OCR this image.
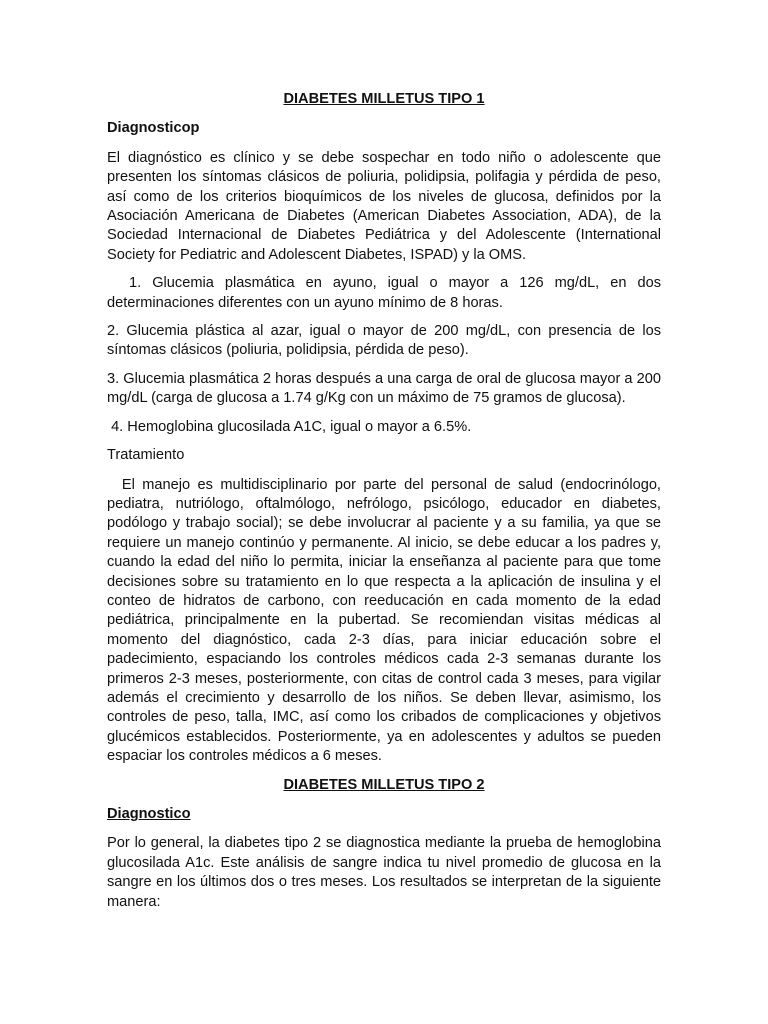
DIABETES MILLETUS TIPO 1
Diagnosticop
El diagnóstico es clínico y se debe sospechar en todo niño o adolescente que presenten los síntomas clásicos de poliuria, polidipsia, polifagia y pérdida de peso, así como de los criterios bioquímicos de los niveles de glucosa, definidos por la Asociación Americana de Diabetes (American Diabetes Association, ADA), de la Sociedad Internacional de Diabetes Pediátrica y del Adolescente (International Society for Pediatric and Adolescent Diabetes, ISPAD) y la OMS.
1. Glucemia plasmática en ayuno, igual o mayor a 126 mg/dL, en dos determinaciones diferentes con un ayuno mínimo de 8 horas.
2. Glucemia plástica al azar, igual o mayor de 200 mg/dL, con presencia de los síntomas clásicos (poliuria, polidipsia, pérdida de peso).
3. Glucemia plasmática 2 horas después a una carga de oral de glucosa mayor a 200 mg/dL (carga de glucosa a 1.74 g/Kg con un máximo de 75 gramos de glucosa).
4. Hemoglobina glucosilada A1C, igual o mayor a 6.5%.
Tratamiento
El manejo es multidisciplinario por parte del personal de salud (endocrinólogo, pediatra, nutriólogo, oftalmólogo, nefrólogo, psicólogo, educador en diabetes, podólogo y trabajo social); se debe involucrar al paciente y a su familia, ya que se requiere un manejo continúo y permanente. Al inicio, se debe educar a los padres y, cuando la edad del niño lo permita, iniciar la enseñanza al paciente para que tome decisiones sobre su tratamiento en lo que respecta a la aplicación de insulina y el conteo de hidratos de carbono, con reeducación en cada momento de la edad pediátrica, principalmente en la pubertad. Se recomiendan visitas médicas al momento del diagnóstico, cada 2-3 días, para iniciar educación sobre el padecimiento, espaciando los controles médicos cada 2-3 semanas durante los primeros 2-3 meses, posteriormente, con citas de control cada 3 meses, para vigilar además el crecimiento y desarrollo de los niños. Se deben llevar, asimismo, los controles de peso, talla, IMC, así como los cribados de complicaciones y objetivos glucémicos establecidos. Posteriormente, ya en adolescentes y adultos se pueden espaciar los controles médicos a 6 meses.
DIABETES MILLETUS TIPO 2
Diagnostico
Por lo general, la diabetes tipo 2 se diagnostica mediante la prueba de hemoglobina glucosilada A1c. Este análisis de sangre indica tu nivel promedio de glucosa en la sangre en los últimos dos o tres meses. Los resultados se interpretan de la siguiente manera:
